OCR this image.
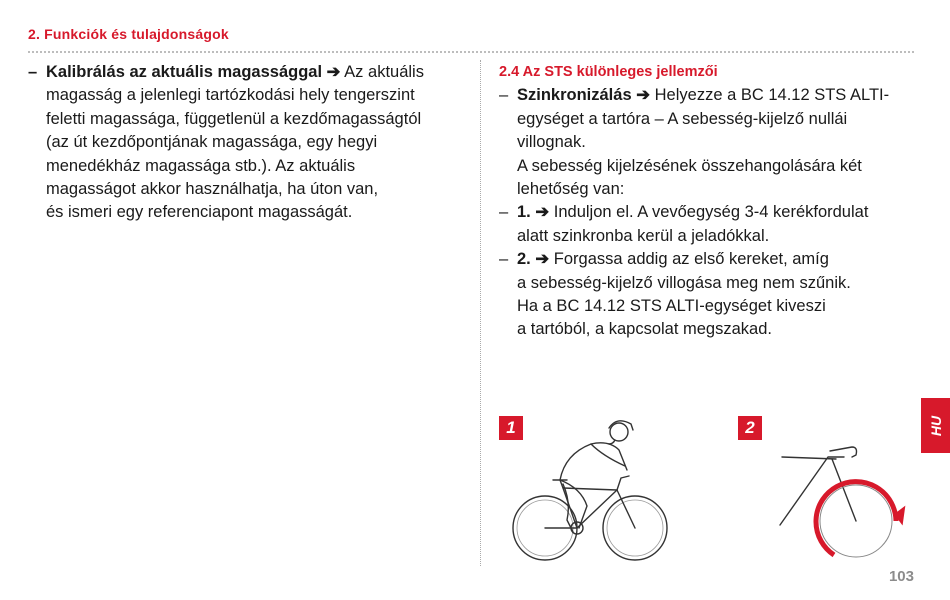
2. Funkciók és tulajdonságok
– Kalibrálás az aktuális magassággal ➔ Az aktuális
magasság a jelenlegi tartózkodási hely tengerszint
feletti magassága, függetlenül a kezdőmagasságtól
(az út kezdőpontjának magassága, egy hegyi
menedékház magassága stb.). Az aktuális
magasságot akkor használhatja, ha úton van,
és ismeri egy referenciapont magasságát.
2.4 Az STS különleges jellemzői
– Szinkronizálás ➔ Helyezze a BC 14.12 STS ALTI-
egységet a tartóra – A sebesség-kijelző nullái
villognak.
A sebesség kijelzésének összehangolására két
lehetőség van:
– 1. ➔ Induljon el. A vevőegység 3-4 kerékfordulat
alatt szinkronba kerül a jeladókkal.
– 2. ➔ Forgassa addig az első kereket, amíg
a sebesség-kijelző villogása meg nem szűnik.
Ha a BC 14.12 STS ALTI-egységet kiveszi
a tartóból, a kapcsolat megszakad.
1	2	HU
103
